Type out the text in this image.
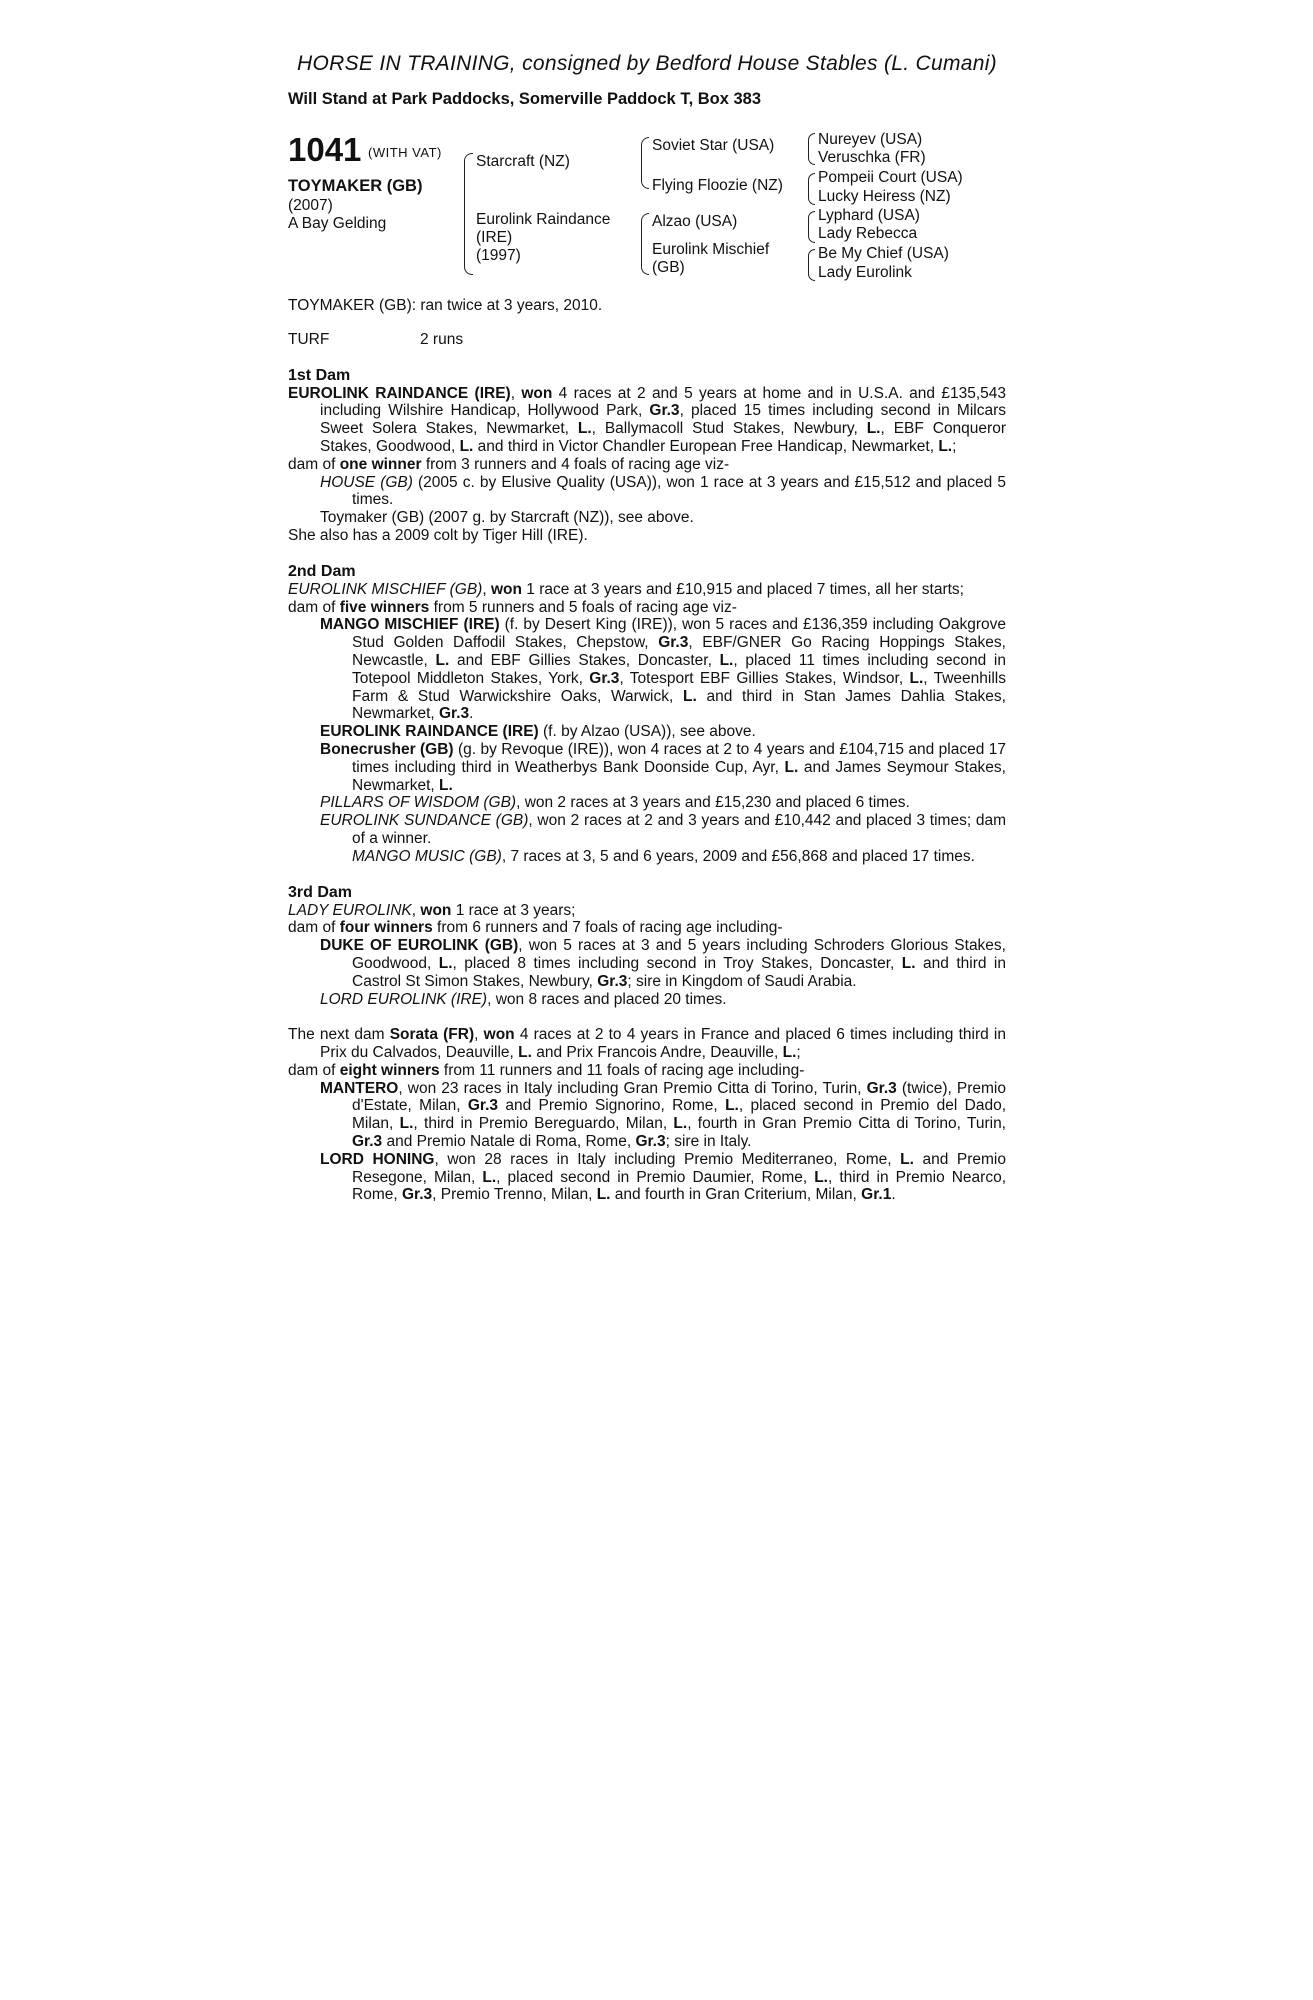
HORSE IN TRAINING, consigned by Bedford House Stables (L. Cumani)
Will Stand at Park Paddocks, Somerville Paddock T, Box 383
1041 (WITH VAT)
TOYMAKER (GB)
(2007)
A Bay Gelding
Starcraft (NZ)
Eurolink Raindance
(IRE)
(1997)
Soviet Star (USA)
Flying Floozie (NZ)
Alzao (USA)
Eurolink Mischief
(GB)
Nureyev (USA)
Veruschka (FR)
Pompeii Court (USA)
Lucky Heiress (NZ)
Lyphard (USA)
Lady Rebecca
Be My Chief (USA)
Lady Eurolink

TOYMAKER (GB): ran twice at 3 years, 2010.

TURF	2 runs

1st Dam

EUROLINK RAINDANCE (IRE), won 4 races at 2 and 5 years at home and in U.S.A. and £135,543 including Wilshire Handicap, Hollywood Park, Gr.3, placed 15 times including second in Milcars Sweet Solera Stakes, Newmarket, L., Ballymacoll Stud Stakes, Newbury, L., EBF Conqueror Stakes, Goodwood, L. and third in Victor Chandler European Free Handicap, Newmarket, L.;

dam of one winner from 3 runners and 4 foals of racing age viz-

HOUSE (GB) (2005 c. by Elusive Quality (USA)), won 1 race at 3 years and £15,512 and placed 5 times.

Toymaker (GB) (2007 g. by Starcraft (NZ)), see above.

She also has a 2009 colt by Tiger Hill (IRE).

2nd Dam

EUROLINK MISCHIEF (GB), won 1 race at 3 years and £10,915 and placed 7 times, all her starts;

dam of five winners from 5 runners and 5 foals of racing age viz-

MANGO MISCHIEF (IRE) (f. by Desert King (IRE)), won 5 races and £136,359 including Oakgrove Stud Golden Daffodil Stakes, Chepstow, Gr.3, EBF/GNER Go Racing Hoppings Stakes, Newcastle, L. and EBF Gillies Stakes, Doncaster, L., placed 11 times including second in Totepool Middleton Stakes, York, Gr.3, Totesport EBF Gillies Stakes, Windsor, L., Tweenhills Farm & Stud Warwickshire Oaks, Warwick, L. and third in Stan James Dahlia Stakes, Newmarket, Gr.3.

EUROLINK RAINDANCE (IRE) (f. by Alzao (USA)), see above.

Bonecrusher (GB) (g. by Revoque (IRE)), won 4 races at 2 to 4 years and £104,715 and placed 17 times including third in Weatherbys Bank Doonside Cup, Ayr, L. and James Seymour Stakes, Newmarket, L.

PILLARS OF WISDOM (GB), won 2 races at 3 years and £15,230 and placed 6 times.

EUROLINK SUNDANCE (GB), won 2 races at 2 and 3 years and £10,442 and placed 3 times; dam of a winner.

MANGO MUSIC (GB), 7 races at 3, 5 and 6 years, 2009 and £56,868 and placed 17 times.

3rd Dam

LADY EUROLINK, won 1 race at 3 years;

dam of four winners from 6 runners and 7 foals of racing age including-

DUKE OF EUROLINK (GB), won 5 races at 3 and 5 years including Schroders Glorious Stakes, Goodwood, L., placed 8 times including second in Troy Stakes, Doncaster, L. and third in Castrol St Simon Stakes, Newbury, Gr.3; sire in Kingdom of Saudi Arabia.

LORD EUROLINK (IRE), won 8 races and placed 20 times.

The next dam Sorata (FR), won 4 races at 2 to 4 years in France and placed 6 times including third in Prix du Calvados, Deauville, L. and Prix Francois Andre, Deauville, L.;

dam of eight winners from 11 runners and 11 foals of racing age including-

MANTERO, won 23 races in Italy including Gran Premio Citta di Torino, Turin, Gr.3 (twice), Premio d'Estate, Milan, Gr.3 and Premio Signorino, Rome, L., placed second in Premio del Dado, Milan, L., third in Premio Bereguardo, Milan, L., fourth in Gran Premio Citta di Torino, Turin, Gr.3 and Premio Natale di Roma, Rome, Gr.3; sire in Italy.

LORD HONING, won 28 races in Italy including Premio Mediterraneo, Rome, L. and Premio Resegone, Milan, L., placed second in Premio Daumier, Rome, L., third in Premio Nearco, Rome, Gr.3, Premio Trenno, Milan, L. and fourth in Gran Criterium, Milan, Gr.1.
